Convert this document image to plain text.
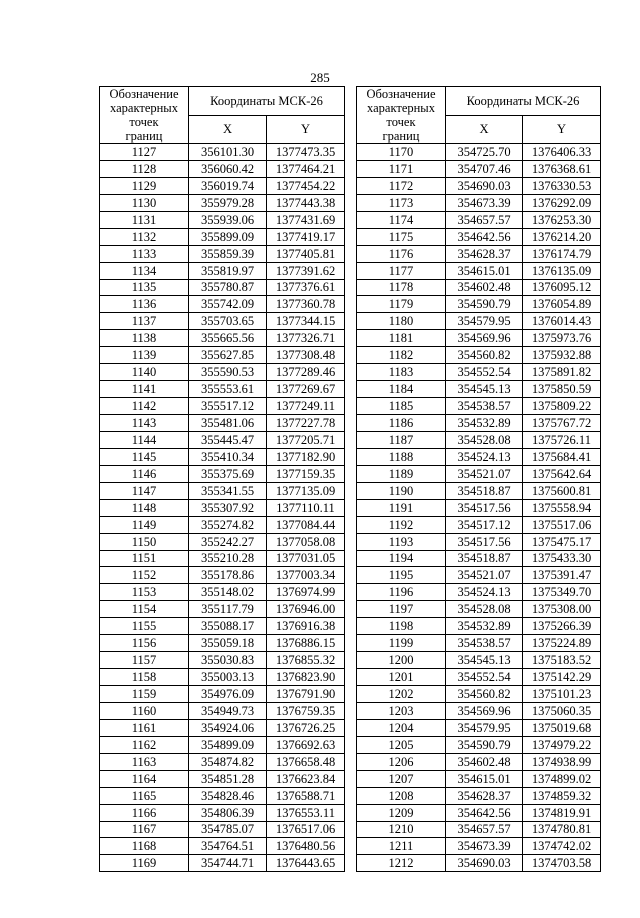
285
Обозначение
характерных
точек
границ	Координаты МСК-26	
	X	Y
1127	356101.30	1377473.35
1128	356060.42	1377464.21
1129	356019.74	1377454.22
1130	355979.28	1377443.38
1131	355939.06	1377431.69
1132	355899.09	1377419.17
1133	355859.39	1377405.81
1134	355819.97	1377391.62
1135	355780.87	1377376.61
1136	355742.09	1377360.78
1137	355703.65	1377344.15
1138	355665.56	1377326.71
1139	355627.85	1377308.48
1140	355590.53	1377289.46
1141	355553.61	1377269.67
1142	355517.12	1377249.11
1143	355481.06	1377227.78
1144	355445.47	1377205.71
1145	355410.34	1377182.90
1146	355375.69	1377159.35
1147	355341.55	1377135.09
1148	355307.92	1377110.11
1149	355274.82	1377084.44
1150	355242.27	1377058.08
1151	355210.28	1377031.05
1152	355178.86	1377003.34
1153	355148.02	1376974.99
1154	355117.79	1376946.00
1155	355088.17	1376916.38
1156	355059.18	1376886.15
1157	355030.83	1376855.32
1158	355003.13	1376823.90
1159	354976.09	1376791.90
1160	354949.73	1376759.35
1161	354924.06	1376726.25
1162	354899.09	1376692.63
1163	354874.82	1376658.48
1164	354851.28	1376623.84
1165	354828.46	1376588.71
1166	354806.39	1376553.11
1167	354785.07	1376517.06
1168	354764.51	1376480.56
1169	354744.71	1376443.65
Обозначение
характерных
точек
границ	Координаты МСК-26	
	X	Y
1170	354725.70	1376406.33
1171	354707.46	1376368.61
1172	354690.03	1376330.53
1173	354673.39	1376292.09
1174	354657.57	1376253.30
1175	354642.56	1376214.20
1176	354628.37	1376174.79
1177	354615.01	1376135.09
1178	354602.48	1376095.12
1179	354590.79	1376054.89
1180	354579.95	1376014.43
1181	354569.96	1375973.76
1182	354560.82	1375932.88
1183	354552.54	1375891.82
1184	354545.13	1375850.59
1185	354538.57	1375809.22
1186	354532.89	1375767.72
1187	354528.08	1375726.11
1188	354524.13	1375684.41
1189	354521.07	1375642.64
1190	354518.87	1375600.81
1191	354517.56	1375558.94
1192	354517.12	1375517.06
1193	354517.56	1375475.17
1194	354518.87	1375433.30
1195	354521.07	1375391.47
1196	354524.13	1375349.70
1197	354528.08	1375308.00
1198	354532.89	1375266.39
1199	354538.57	1375224.89
1200	354545.13	1375183.52
1201	354552.54	1375142.29
1202	354560.82	1375101.23
1203	354569.96	1375060.35
1204	354579.95	1375019.68
1205	354590.79	1374979.22
1206	354602.48	1374938.99
1207	354615.01	1374899.02
1208	354628.37	1374859.32
1209	354642.56	1374819.91
1210	354657.57	1374780.81
1211	354673.39	1374742.02
1212	354690.03	1374703.58
